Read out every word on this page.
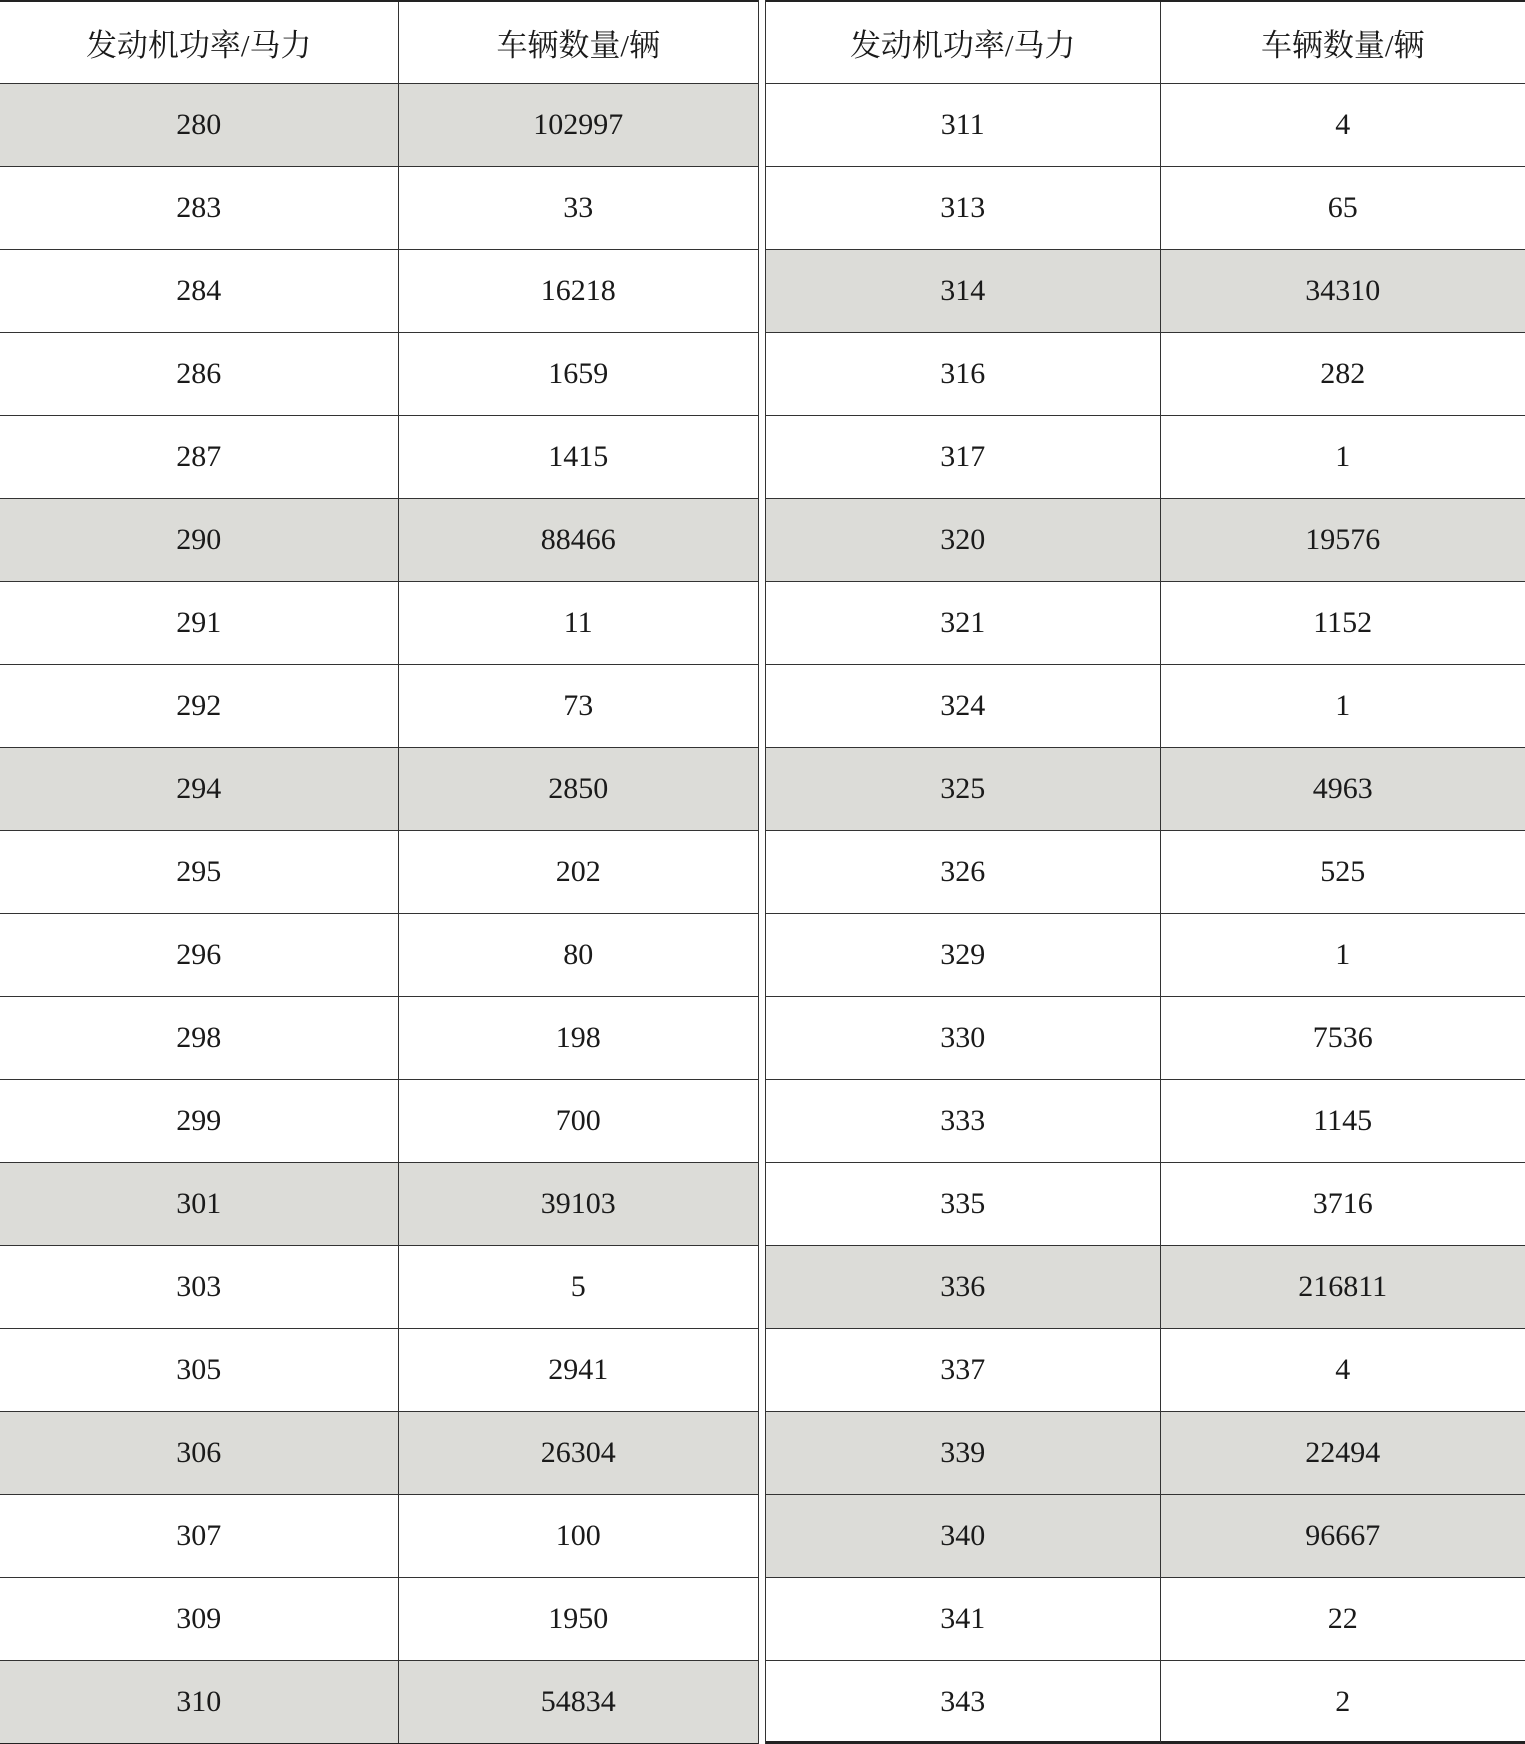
发动机功率/马力	车辆数量/辆
280	102997
283	33
284	16218
286	1659
287	1415
290	88466
291	11
292	73
294	2850
295	202
296	80
298	198
299	700
301	39103
303	5
305	2941
306	26304
307	100
309	1950
310	54834
发动机功率/马力	车辆数量/辆
311	4
313	65
314	34310
316	282
317	1
320	19576
321	1152
324	1
325	4963
326	525
329	1
330	7536
333	1145
335	3716
336	216811
337	4
339	22494
340	96667
341	22
343	2
